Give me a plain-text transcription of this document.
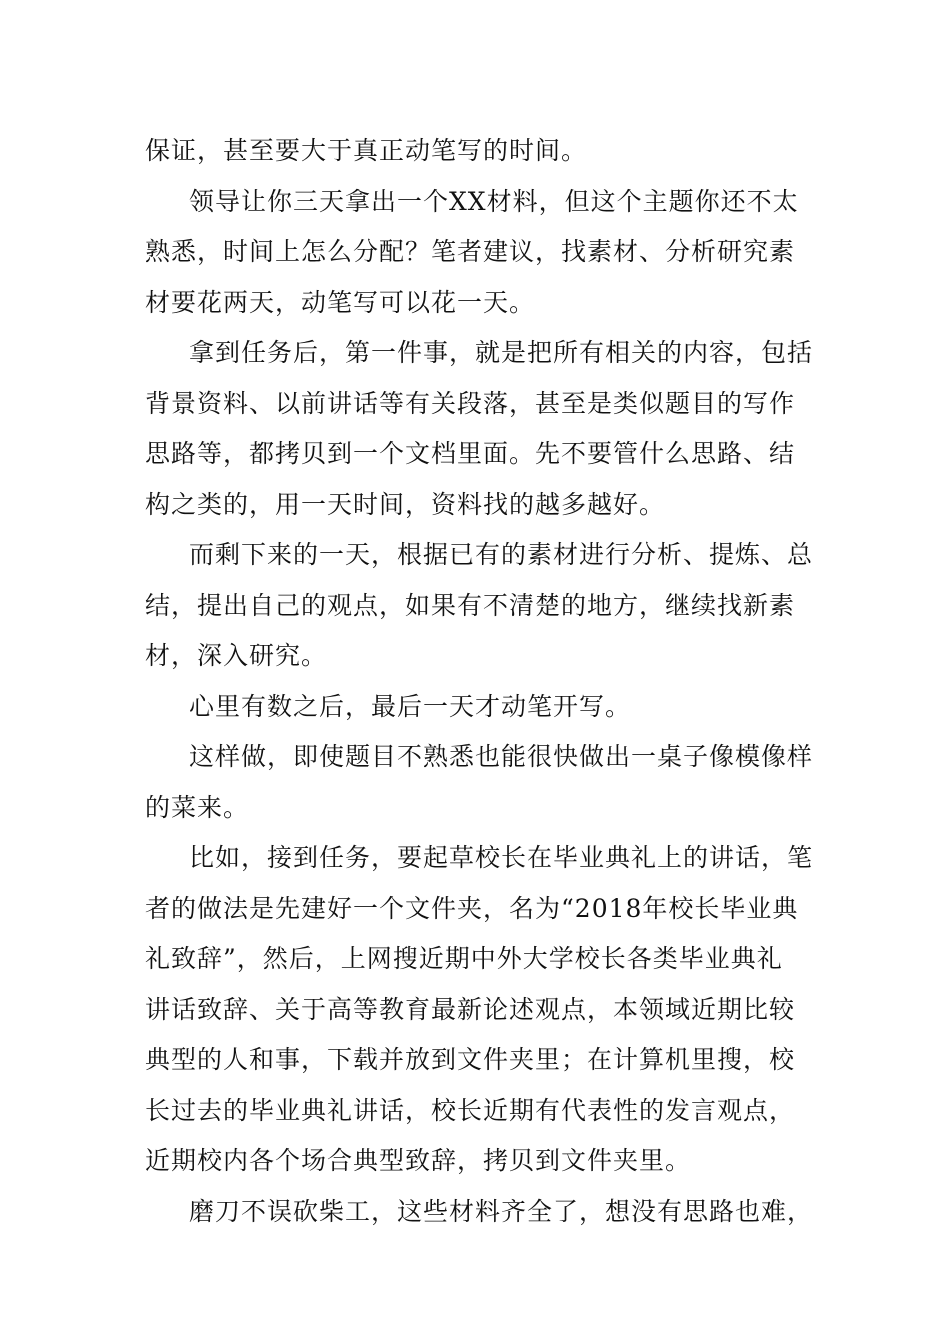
保证，甚至要大于真正动笔写的时间。
领导让你三天拿出一个XX材料，但这个主题你还不太
熟悉，时间上怎么分配？笔者建议，找素材、分析研究素
材要花两天，动笔写可以花一天。
拿到任务后，第一件事，就是把所有相关的内容，包括
背景资料、以前讲话等有关段落，甚至是类似题目的写作
思路等，都拷贝到一个文档里面。先不要管什么思路、结
构之类的，用一天时间，资料找的越多越好。
而剩下来的一天，根据已有的素材进行分析、提炼、总
结，提出自己的观点，如果有不清楚的地方，继续找新素
材，深入研究。
心里有数之后，最后一天才动笔开写。
这样做，即使题目不熟悉也能很快做出一桌子像模像样
的菜来。
比如，接到任务，要起草校长在毕业典礼上的讲话，笔
者的做法是先建好一个文件夹，名为“2018年校长毕业典
礼致辞”，然后，上网搜近期中外大学校长各类毕业典礼
讲话致辞、关于高等教育最新论述观点，本领域近期比较
典型的人和事，下载并放到文件夹里；在计算机里搜，校
长过去的毕业典礼讲话，校长近期有代表性的发言观点，
近期校内各个场合典型致辞，拷贝到文件夹里。
磨刀不误砍柴工，这些材料齐全了，想没有思路也难，
